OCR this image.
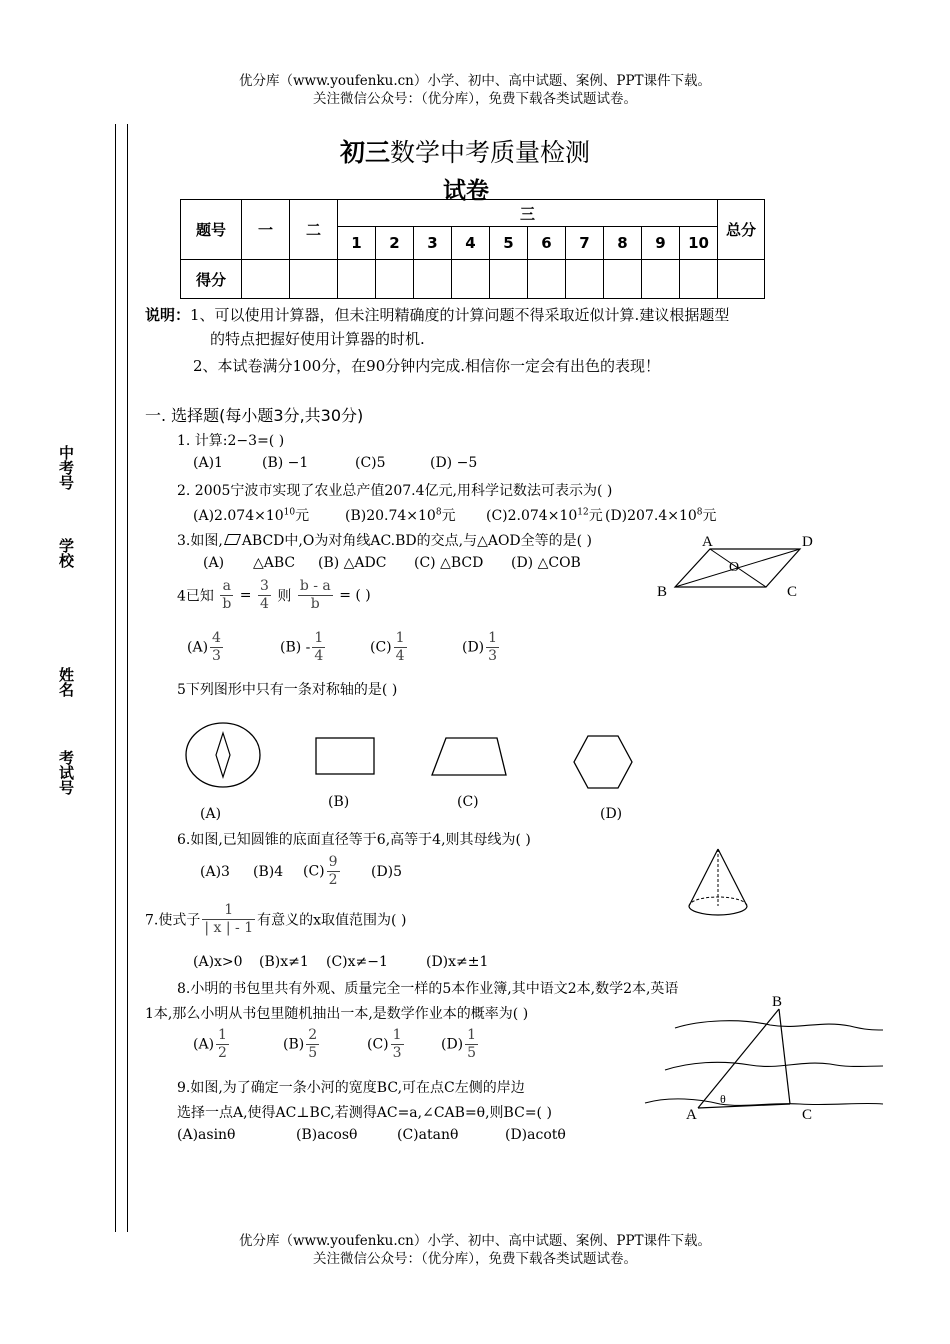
优分库（www.youfenku.cn）小学、初中、高中试题、案例、PPT课件下载。
关注微信公众号：（优分库），免费下载各类试题试卷。
优分库（www.youfenku.cn）小学、初中、高中试题、案例、PPT课件下载。
关注微信公众号：（优分库），免费下载各类试题试卷。
中考号
学校
姓名
考试号
初三数学中考质量检测
试卷
题号	一	二	三										总分
			1	2	3	4	5	6	7	8	9	10	
得分													
说明：1、可以使用计算器，但未注明精确度的计算问题不得采取近似计算.建议根据题型
的特点把握好使用计算器的时机.
2、本试卷满分100分，在90分钟内完成.相信你一定会有出色的表现！
一. 选择题(每小题3分,共30分)
1. 计算:2−3=( )
(A)1	(B) −1	(C)5	(D) −5
2. 2005宁波市实现了农业总产值207.4亿元,用科学记数法可表示为( )
$(A)2.074\times 10^{10}$元	$(B)20.74\times 10^8$元 $(C)2.074\times 10^{12}$元 $(D)207.4\times 10^8$元
3.如图, ABCD中,O为对角线AC.BD的交点,与△AOD全等的是( )
(A) △ABC (B) △ADC (C) △BCD (D) △COB
A	D
O
B	C
4已知 $\frac{a}{b} = \frac{3}{4}$ 则 $\frac{b - a}{b}$ = ( )
$(A) \frac{4}{3}$	$(B) - \frac{1}{4}$	$(C) \frac{1}{4}$	$(D) \frac{1}{3}$
5下列图形中只有一条对称轴的是( )
(A)
(B)	(C)
(D)
6.如图,已知圆锥的底面直径等于6,高等于4,则其母线为( )
(A)3 (B)4 $(C) \frac{9}{2} (D)5$
7.使式子 $\frac{1}{| x | - 1}$ 有意义的x取值范围为( )
(A)x>0 (B)x≠1 (C)x≠−1	(D)x≠±1
8.小明的书包里共有外观、质量完全一样的5本作业簿,其中语文2本,数学2本,英语
1本,那么小明从书包里随机抽出一本,是数学作业本的概率为( )
$(A) \frac{1}{2}$	$(B) \frac{2}{5}$	$(C) \frac{1}{3}$	$(D) \frac{1}{5}$
9.如图,为了确定一条小河的宽度BC,可在点C左侧的岸边
选择一点A,使得AC⊥BC,若测得AC=a,∠CAB=θ,则BC=( )
(A)asinθ	(B)acosθ	(C)atanθ	(D)acotθ
B
A	C
θ
